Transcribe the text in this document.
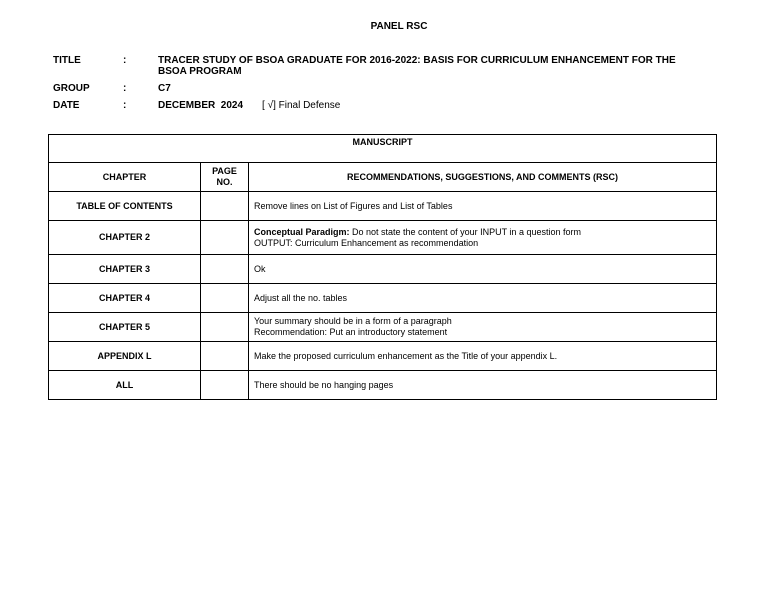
PANEL RSC
TITLE	:	TRACER STUDY OF BSOA GRADUATE FOR 2016-2022: BASIS FOR CURRICULUM ENHANCEMENT FOR THE BSOA PROGRAM
GROUP	:	C7
DATE	:	DECEMBER  2024 [ √] Final Defense
MANUSCRIPT		
CHAPTER	PAGE NO.	RECOMMENDATIONS, SUGGESTIONS, AND COMMENTS (RSC)
TABLE OF CONTENTS		Remove lines on List of Figures and List of Tables
CHAPTER 2		Conceptual Paradigm: Do not state the content of your INPUT in a question form
OUTPUT: Curriculum Enhancement as recommendation

CHAPTER 3		Ok
CHAPTER 4		Adjust all the no. tables
CHAPTER 5		Your summary should be in a form of a paragraph
Recommendation: Put an introductory statement

APPENDIX L		Make the proposed curriculum enhancement as the Title of your appendix L.
ALL		There should be no hanging pages
